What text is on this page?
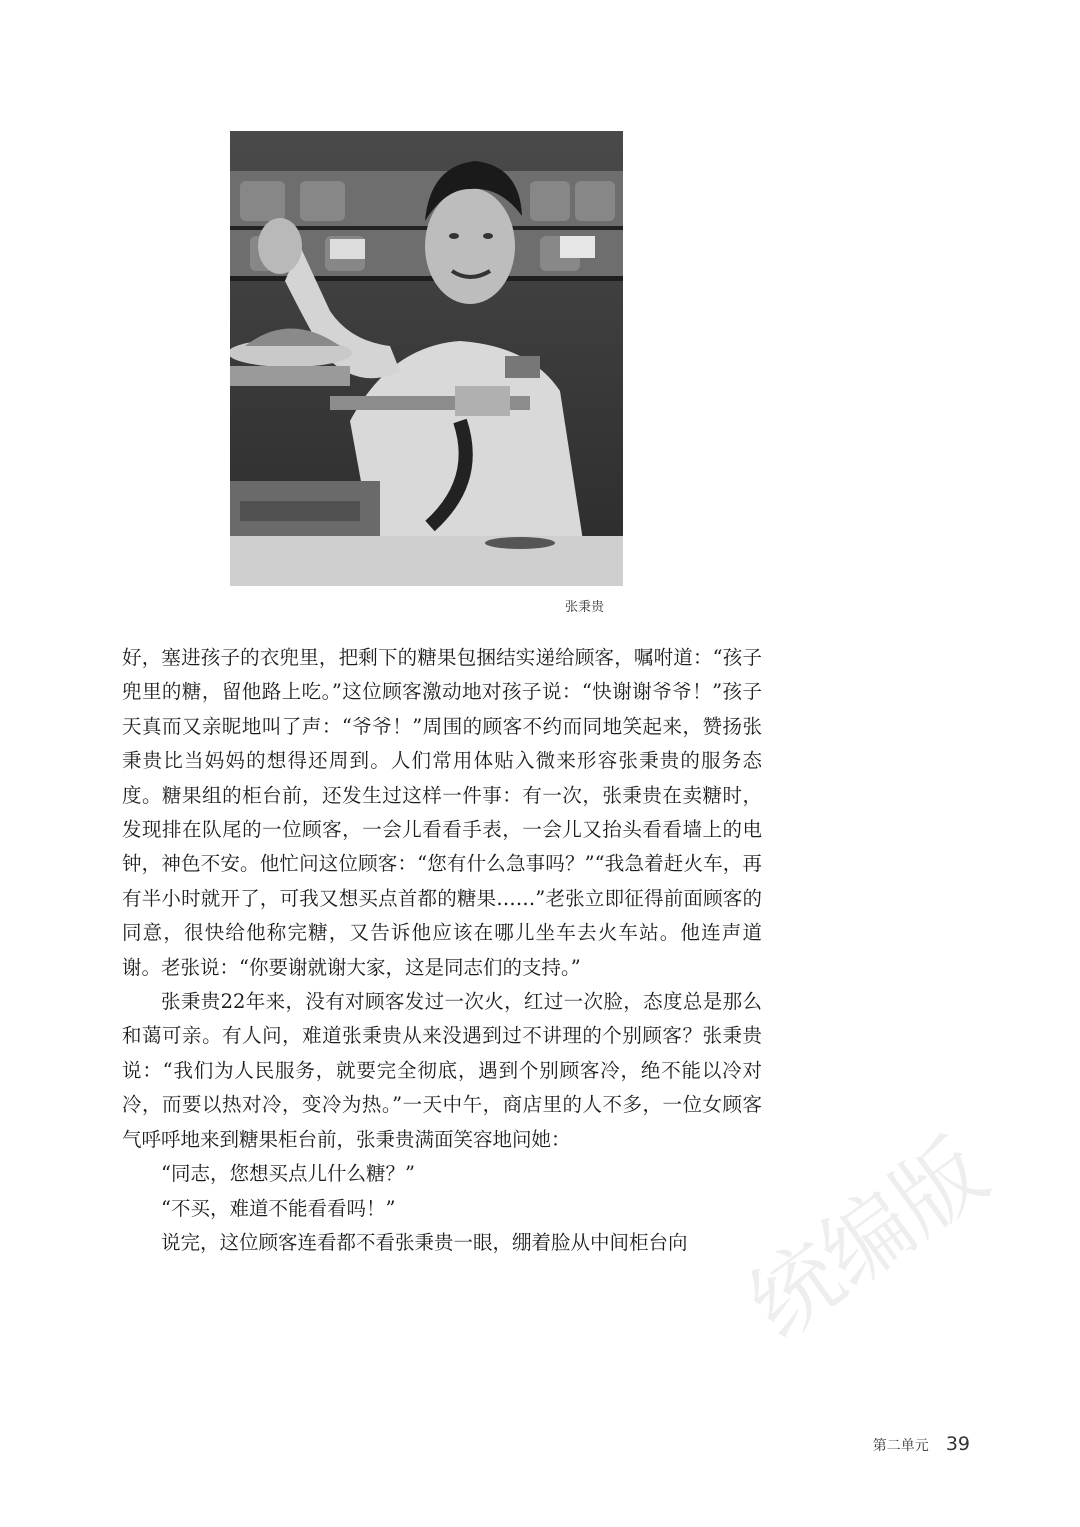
张秉贵

好，塞进孩子的衣兜里，把剩下的糖果包捆结实递给顾客，嘱咐道：“孩子兜里的糖，留他路上吃。”这位顾客激动地对孩子说：“快谢谢爷爷！”孩子天真而又亲昵地叫了声：“爷爷！”周围的顾客不约而同地笑起来，赞扬张秉贵比当妈妈的想得还周到。人们常用体贴入微来形容张秉贵的服务态度。糖果组的柜台前，还发生过这样一件事：有一次，张秉贵在卖糖时，发现排在队尾的一位顾客，一会儿看看手表，一会儿又抬头看看墙上的电钟，神色不安。他忙问这位顾客：“您有什么急事吗？”“我急着赶火车，再有半小时就开了，可我又想买点首都的糖果……”老张立即征得前面顾客的同意，很快给他称完糖，又告诉他应该在哪儿坐车去火车站。他连声道谢。老张说：“你要谢就谢大家，这是同志们的支持。”

张秉贵22年来，没有对顾客发过一次火，红过一次脸，态度总是那么和蔼可亲。有人问，难道张秉贵从来没遇到过不讲理的个别顾客？张秉贵说：“我们为人民服务，就要完全彻底，遇到个别顾客冷，绝不能以冷对冷，而要以热对冷，变冷为热。”一天中午，商店里的人不多，一位女顾客气呼呼地来到糖果柜台前，张秉贵满面笑容地问她：

“同志，您想买点儿什么糖？”

“不买，难道不能看看吗！”

说完，这位顾客连看都不看张秉贵一眼，绷着脸从中间柜台向 统编版
第二单元 39
